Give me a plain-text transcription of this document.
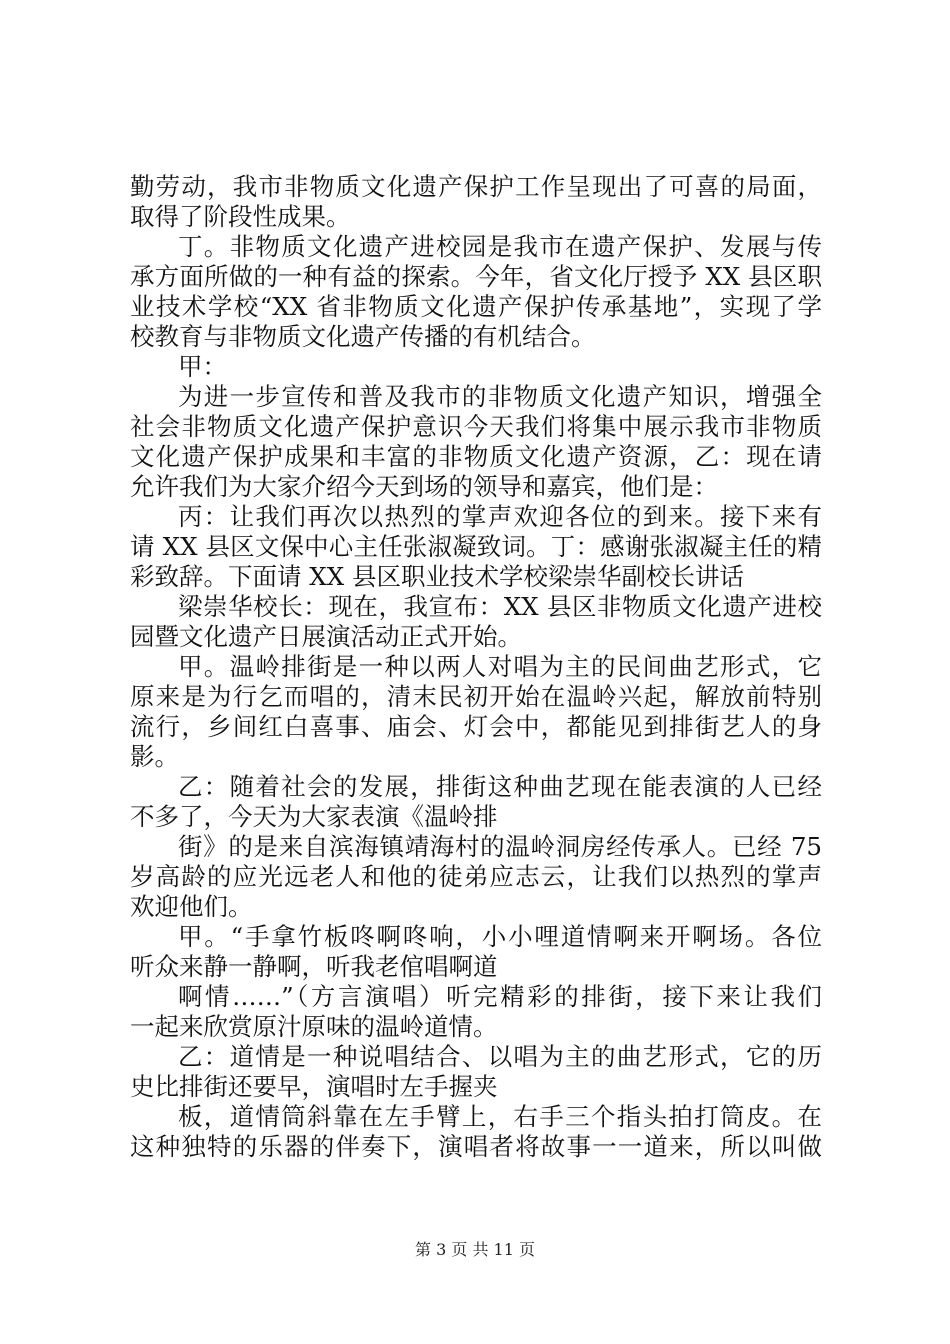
勤劳动，我市非物质文化遗产保护工作呈现出了可喜的局面，
取得了阶段性成果。
丁。非物质文化遗产进校园是我市在遗产保护、发展与传
承方面所做的一种有益的探索。今年，省文化厅授予 XX 县区职
业技术学校“XX 省非物质文化遗产保护传承基地”，实现了学
校教育与非物质文化遗产传播的有机结合。
甲：
为进一步宣传和普及我市的非物质文化遗产知识，增强全
社会非物质文化遗产保护意识今天我们将集中展示我市非物质
文化遗产保护成果和丰富的非物质文化遗产资源，乙：现在请
允许我们为大家介绍今天到场的领导和嘉宾，他们是：
丙：让我们再次以热烈的掌声欢迎各位的到来。接下来有
请 XX 县区文保中心主任张淑凝致词。丁：感谢张淑凝主任的精
彩致辞。下面请 XX 县区职业技术学校梁崇华副校长讲话
梁崇华校长：现在，我宣布：XX 县区非物质文化遗产进校
园暨文化遗产日展演活动正式开始。
甲。温岭排街是一种以两人对唱为主的民间曲艺形式，它
原来是为行乞而唱的，清末民初开始在温岭兴起，解放前特别
流行，乡间红白喜事、庙会、灯会中，都能见到排街艺人的身
影。
乙：随着社会的发展，排街这种曲艺现在能表演的人已经
不多了，今天为大家表演《温岭排
街》的是来自滨海镇靖海村的温岭洞房经传承人。已经 75
岁高龄的应光远老人和他的徒弟应志云，让我们以热烈的掌声
欢迎他们。
甲。“手拿竹板咚啊咚响，小小哩道情啊来开啊场。各位
听众来静一静啊，听我老倌唱啊道
啊情……”（方言演唱）听完精彩的排街，接下来让我们
一起来欣赏原汁原味的温岭道情。
乙：道情是一种说唱结合、以唱为主的曲艺形式，它的历
史比排街还要早，演唱时左手握夹
板，道情筒斜靠在左手臂上，右手三个指头拍打筒皮。在
这种独特的乐器的伴奏下，演唱者将故事一一道来，所以叫做
第 3 页 共 11 页
